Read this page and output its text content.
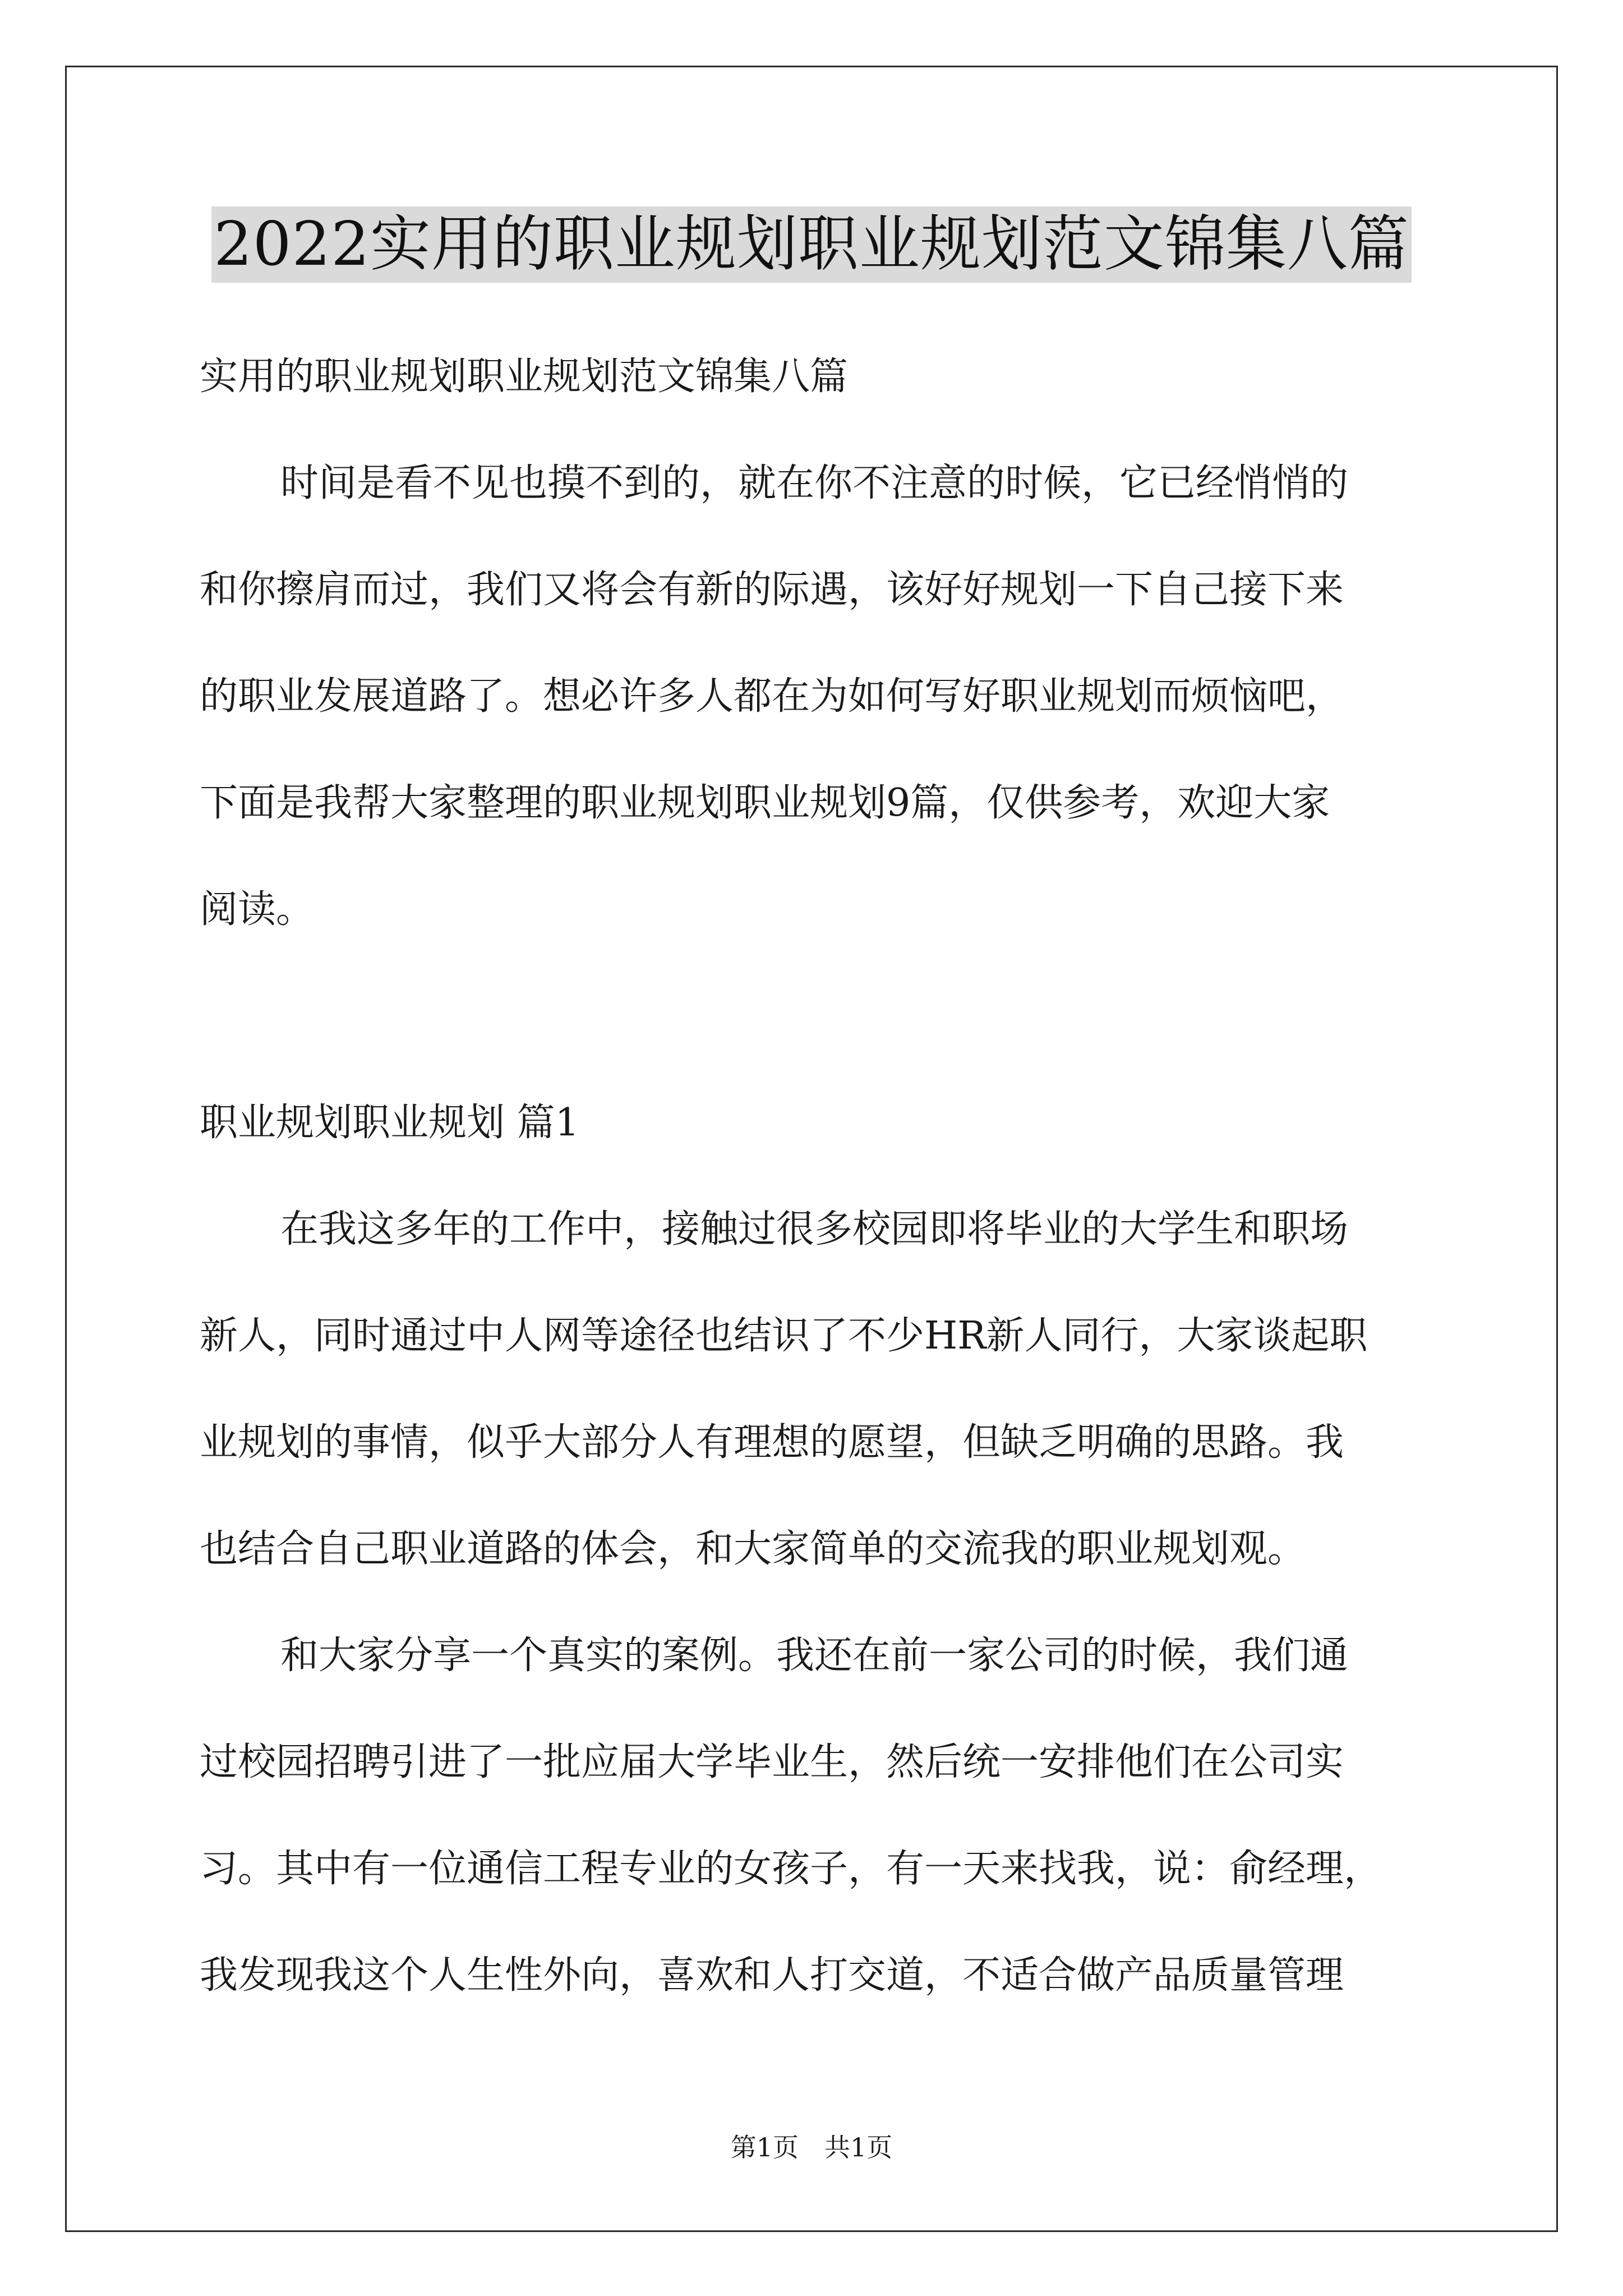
2022实用的职业规划职业规划范文锦集八篇
实用的职业规划职业规划范文锦集八篇
时间是看不见也摸不到的，就在你不注意的时候，它已经悄悄的
和你擦肩而过，我们又将会有新的际遇，该好好规划一下自己接下来
的职业发展道路了。想必许多人都在为如何写好职业规划而烦恼吧，
下面是我帮大家整理的职业规划职业规划9篇，仅供参考，欢迎大家
阅读。
职业规划职业规划 篇1
在我这多年的工作中，接触过很多校园即将毕业的大学生和职场
新人，同时通过中人网等途径也结识了不少HR新人同行，大家谈起职
业规划的事情，似乎大部分人有理想的愿望，但缺乏明确的思路。我
也结合自己职业道路的体会，和大家简单的交流我的职业规划观。
和大家分享一个真实的案例。我还在前一家公司的时候，我们通
过校园招聘引进了一批应届大学毕业生，然后统一安排他们在公司实
习。其中有一位通信工程专业的女孩子，有一天来找我，说：俞经理，
我发现我这个人生性外向，喜欢和人打交道，不适合做产品质量管理
第1页　共1页
